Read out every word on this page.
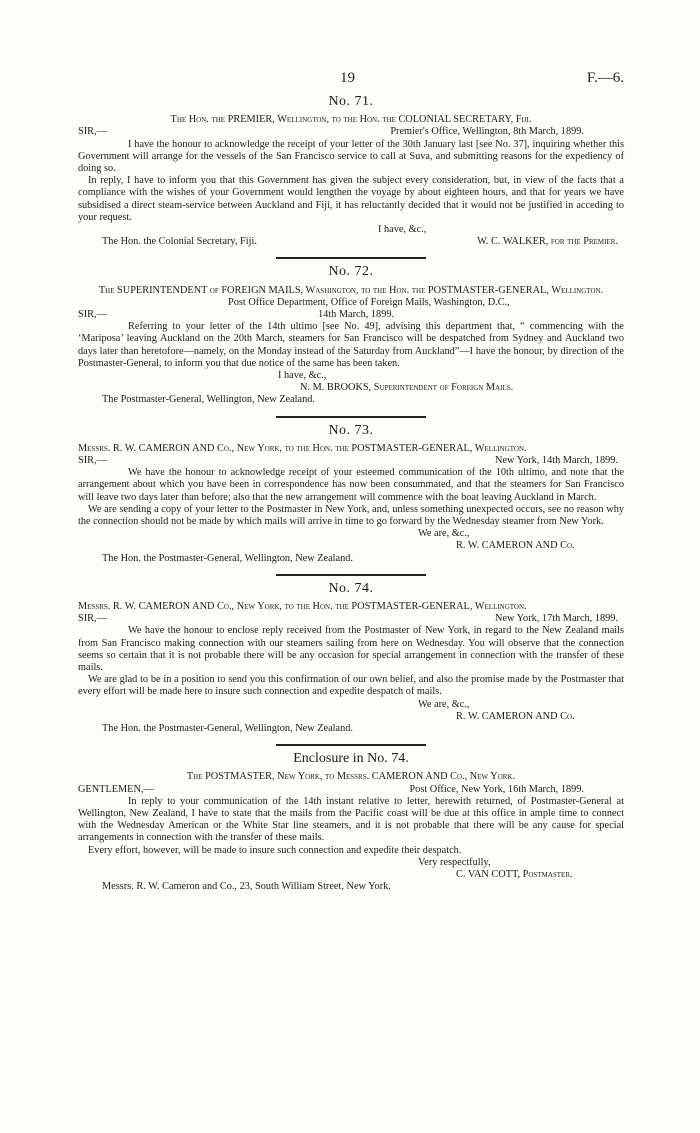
19	F.—6.
No. 71.
The Hon. the PREMIER, Wellington, to the Hon. the COLONIAL SECRETARY, Fiji.
SIR,—	Premier's Office, Wellington, 8th March, 1899.

I have the honour to acknowledge the receipt of your letter of the 30th January last [see No. 37], inquiring whether this Government will arrange for the vessels of the San Francisco service to call at Suva, and submitting reasons for the expediency of doing so.

In reply, I have to inform you that this Government has given the subject every consideration, but, in view of the facts that a compliance with the wishes of your Government would lengthen the voyage by about eighteen hours, and that for years we have subsidised a direct steam-service between Auckland and Fiji, it has reluctantly decided that it would not be justified in acceding to your request.

I have, &c.,
The Hon. the Colonial Secretary, Fiji.	W. C. WALKER, for the Premier.
No. 72.
The SUPERINTENDENT of FOREIGN MAILS, Washington, to the Hon. the POSTMASTER-GENERAL, Wellington.
Post Office Department, Office of Foreign Mails, Washington, D.C.,
SIR,—	14th March, 1899.

Referring to your letter of the 14th ultimo [see No. 49], advising this department that, “ commencing with the ‘Mariposa’ leaving Auckland on the 20th March, steamers for San Francisco will be despatched from Sydney and Auckland two days later than heretofore—namely, on the Monday instead of the Saturday from Auckland”—I have the honour, by direction of the Postmaster-General, to inform you that due notice of the same has been taken.

I have, &c.,
N. M. BROOKS, Superintendent of Foreign Mails.
The Postmaster-General, Wellington, New Zealand.
No. 73.
Messrs. R. W. CAMERON AND Co., New York, to the Hon. the POSTMASTER-GENERAL, Wellington.
SIR,—	New York, 14th March, 1899.

We have the honour to acknowledge receipt of your esteemed communication of the 10th ultimo, and note that the arrangement about which you have been in correspondence has now been consummated, and that the steamers for San Francisco will leave two days later than before; also that the new arrangement will commence with the boat leaving Auckland in March.

We are sending a copy of your letter to the Postmaster in New York, and, unless something unexpected occurs, see no reason why the connection should not be made by which mails will arrive in time to go forward by the Wednesday steamer from New York.

We are, &c.,
R. W. CAMERON AND Co.
The Hon. the Postmaster-General, Wellington, New Zealand.
No. 74.
Messrs. R. W. CAMERON AND Co., New York, to the Hon. the POSTMASTER-GENERAL, Wellington.
SIR,—	New York, 17th March, 1899.

We have the honour to enclose reply received from the Postmaster of New York, in regard to the New Zealand mails from San Francisco making connection with our steamers sailing from here on Wednesday. You will observe that the connection seems so certain that it is not probable there will be any occasion for special arrangement in connection with the transfer of these mails.

We are glad to be in a position to send you this confirmation of our own belief, and also the promise made by the Postmaster that every effort will be made here to insure such connection and expedite despatch of mails.

We are, &c.,
R. W. CAMERON AND Co.
The Hon. the Postmaster-General, Wellington, New Zealand.
Enclosure in No. 74.
The POSTMASTER, New York, to Messrs. CAMERON AND Co., New York.
GENTLEMEN,—	Post Office, New York, 16th March, 1899.

In reply to your communication of the 14th instant relative to letter, herewith returned, of Postmaster-General at Wellington, New Zealand, I have to state that the mails from the Pacific coast will be due at this office in ample time to connect with the Wednesday American or the White Star line steamers, and it is not probable that there will be any cause for special arrangements in connection with the transfer of these mails.

Every effort, however, will be made to insure such connection and expedite their despatch.

Very respectfully,
C. VAN COTT, Postmaster.
Messrs. R. W. Cameron and Co., 23, South William Street, New York.
